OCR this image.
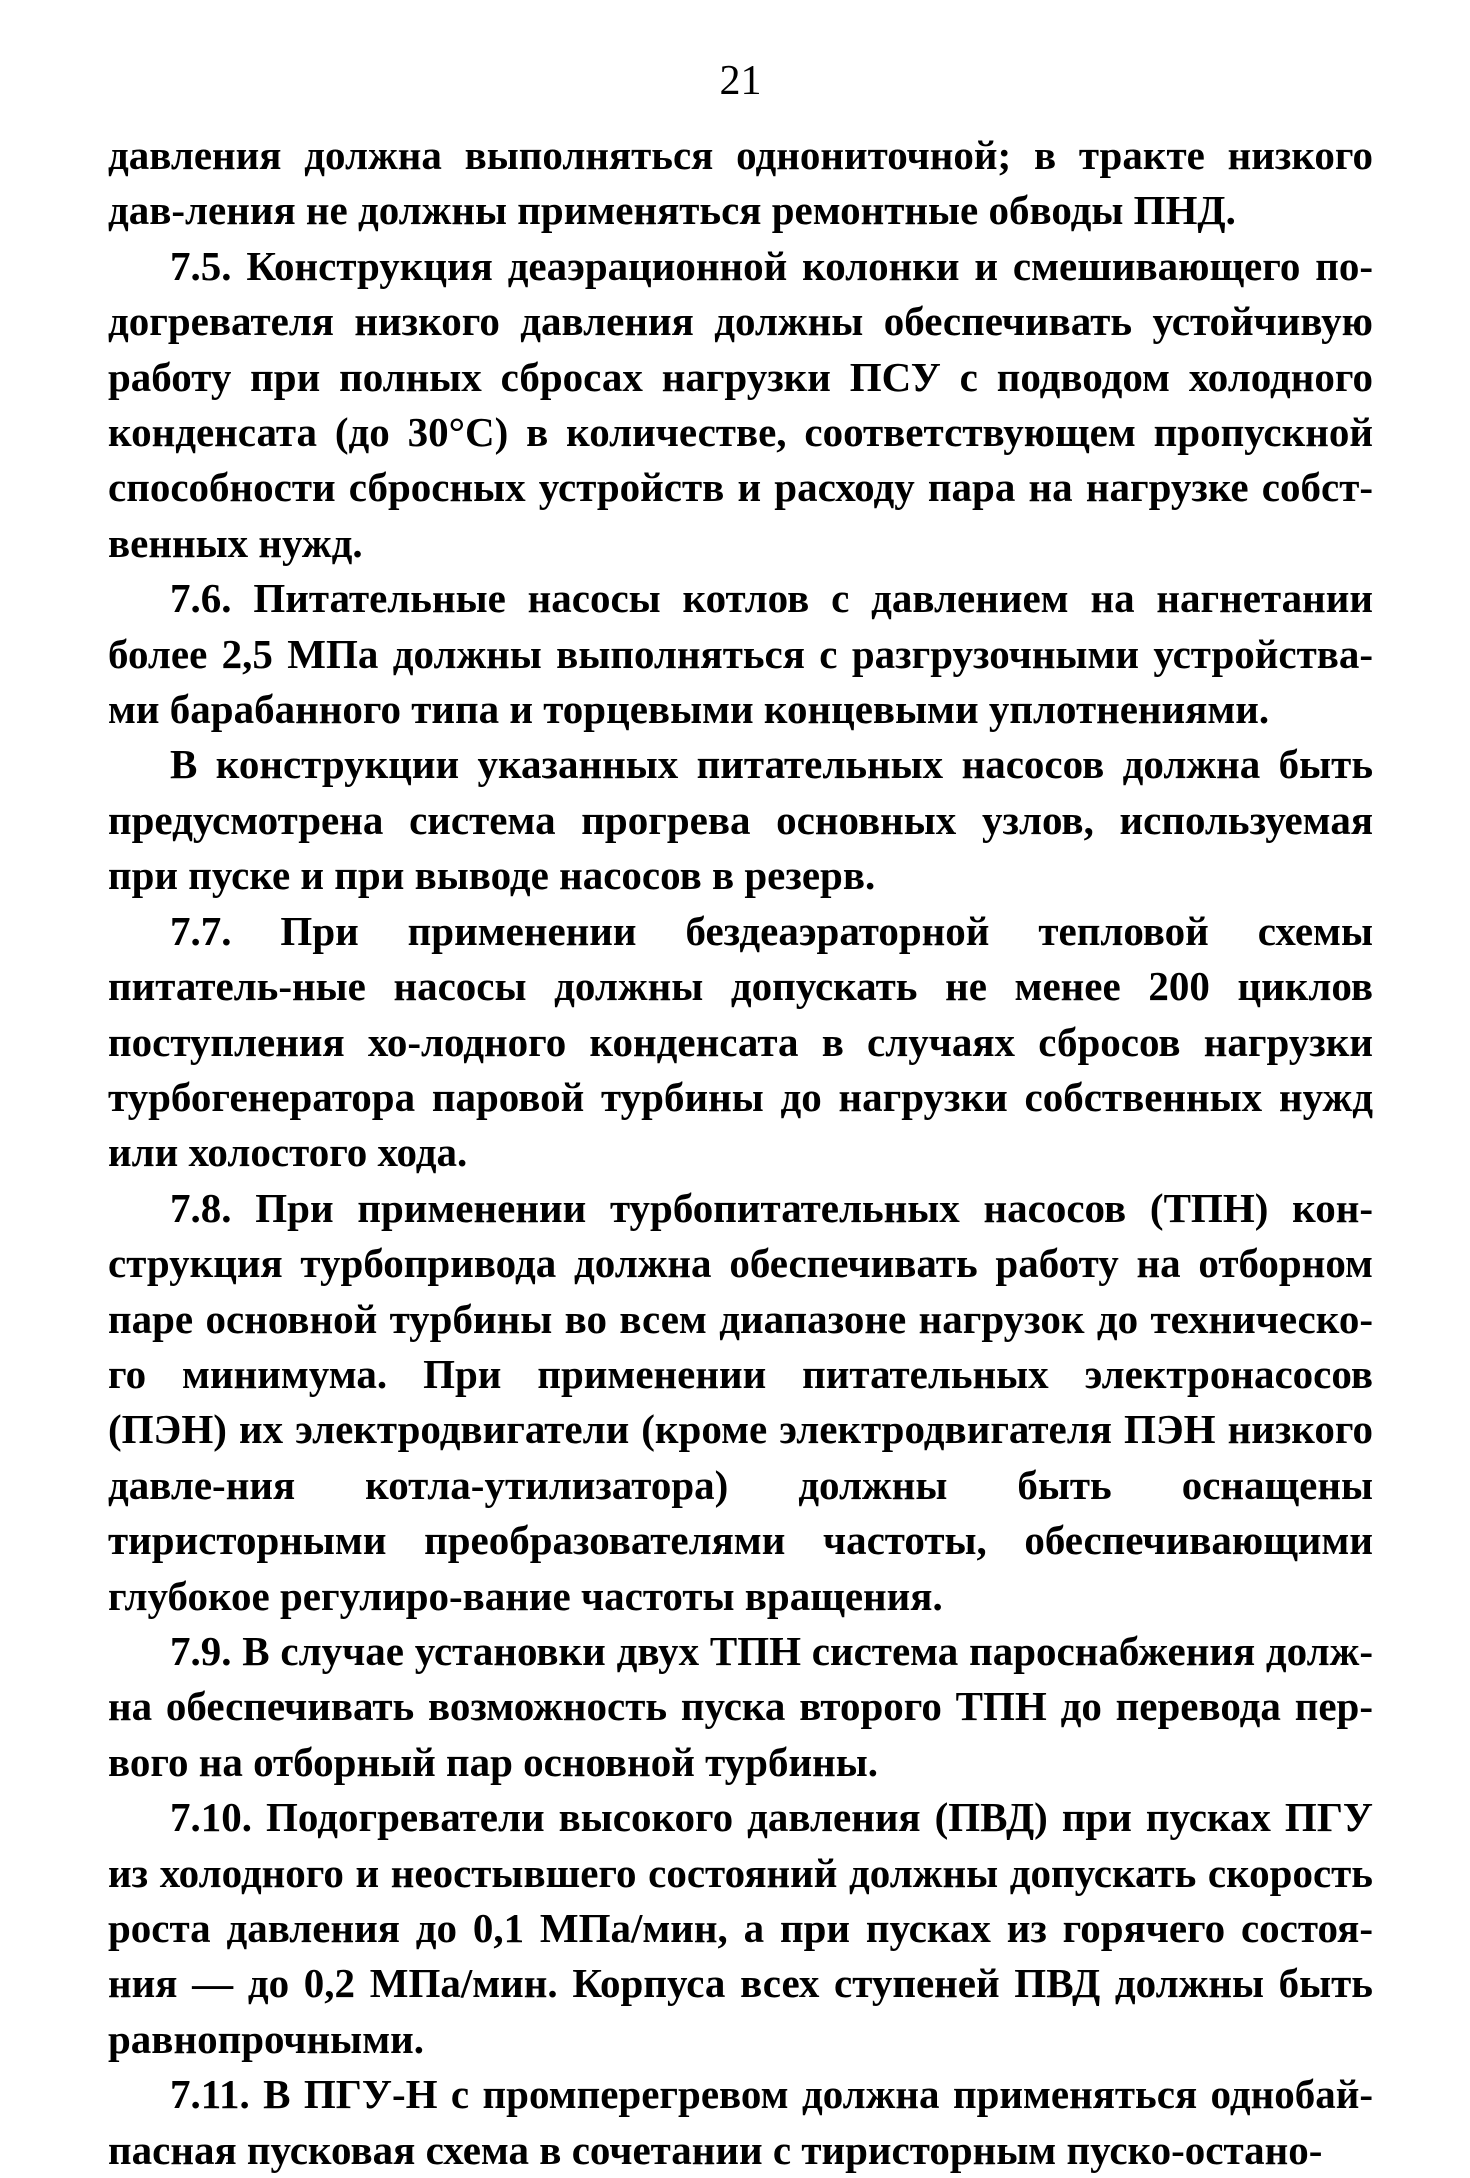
21

давления должна выполняться однониточной; в тракте низкого дав-ления не должны применяться ремонтные обводы ПНД.

7.5. Конструкция деаэрационной колонки и смешивающего по-догревателя низкого давления должны обеспечивать устойчивую работу при полных сбросах нагрузки ПСУ с подводом холодного конденсата (до 30°С) в количестве, соответствующем пропускной способности сбросных устройств и расходу пара на нагрузке собст-венных нужд.

7.6. Питательные насосы котлов с давлением на нагнетании более 2,5 МПа должны выполняться с разгрузочными устройства-ми барабанного типа и торцевыми концевыми уплотнениями.

В конструкции указанных питательных насосов должна быть предусмотрена система прогрева основных узлов, используемая при пуске и при выводе насосов в резерв.

7.7. При применении бездеаэраторной тепловой схемы питатель-ные насосы должны допускать не менее 200 циклов поступления хо-лодного конденсата в случаях сбросов нагрузки турбогенератора паровой турбины до нагрузки собственных нужд или холостого хода.

7.8. При применении турбопитательных насосов (ТПН) кон-струкция турбопривода должна обеспечивать работу на отборном паре основной турбины во всем диапазоне нагрузок до техническо-го минимума. При применении питательных электронасосов (ПЭН) их электродвигатели (кроме электродвигателя ПЭН низкого давле-ния котла-утилизатора) должны быть оснащены тиристорными преобразователями частоты, обеспечивающими глубокое регулиро-вание частоты вращения.

7.9. В случае установки двух ТПН система пароснабжения долж-на обеспечивать возможность пуска второго ТПН до перевода пер-вого на отборный пар основной турбины.

7.10. Подогреватели высокого давления (ПВД) при пусках ПГУ из холодного и неостывшего состояний должны допускать скорость роста давления до 0,1 МПа/мин, а при пусках из горячего состоя-ния — до 0,2 МПа/мин. Корпуса всех ступеней ПВД должны быть равнопрочными.

7.11. В ПГУ-Н с промперегревом должна применяться однобай-пасная пусковая схема в сочетании с тиристорным пуско-остано-
